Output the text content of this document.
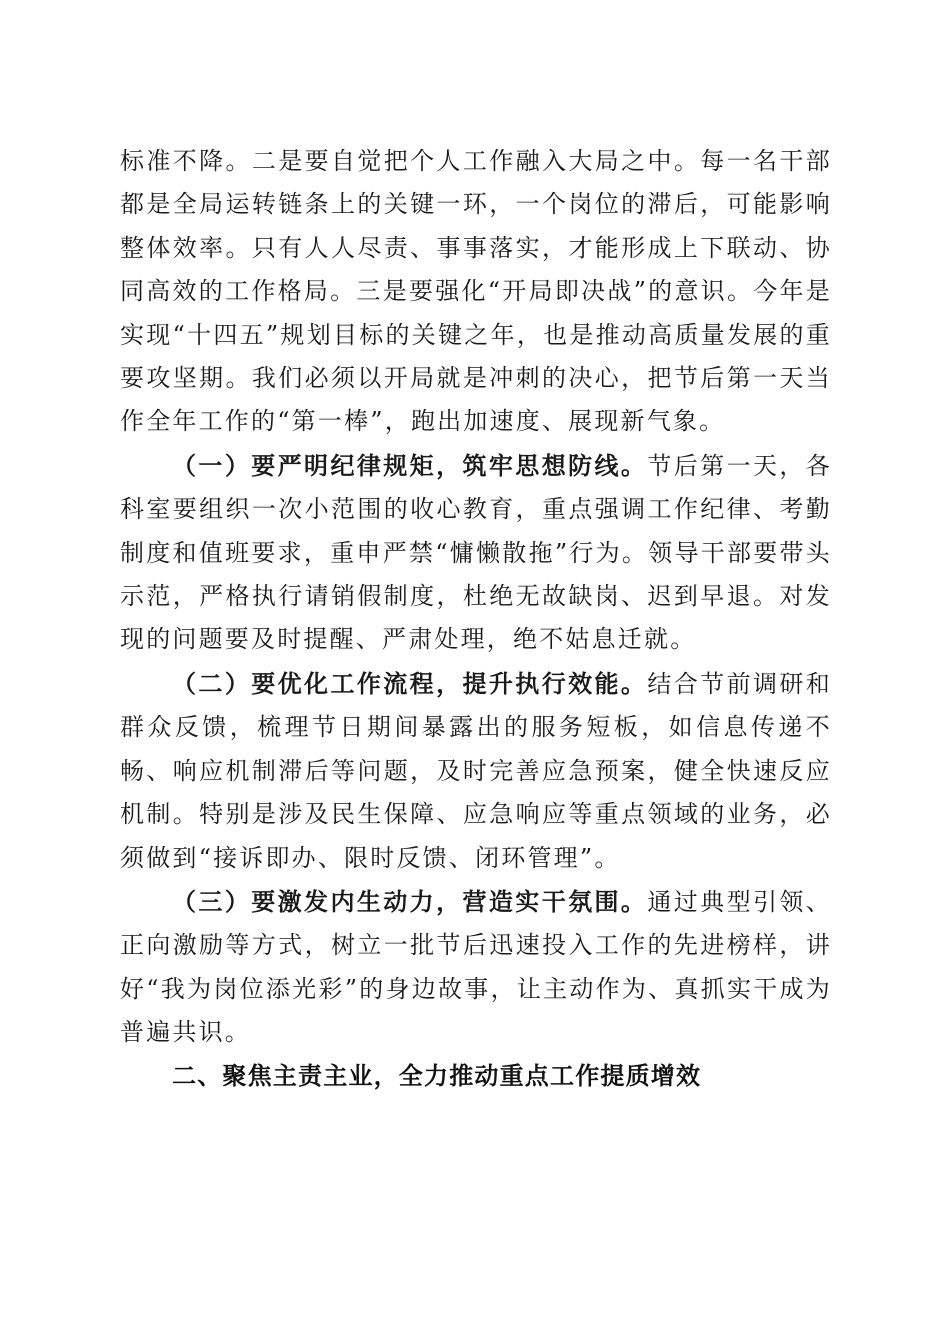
标准不降。二是要自觉把个人工作融入大局之中。每一名干部都是全局运转链条上的关键一环，一个岗位的滞后，可能影响整体效率。只有人人尽责、事事落实，才能形成上下联动、协同高效的工作格局。三是要强化“开局即决战”的意识。今年是实现“十四五”规划目标的关键之年，也是推动高质量发展的重要攻坚期。我们必须以开局就是冲刺的决心，把节后第一天当作全年工作的“第一棒”，跑出加速度、展现新气象。

（一）要严明纪律规矩，筑牢思想防线。节后第一天，各科室要组织一次小范围的收心教育，重点强调工作纪律、考勤制度和值班要求，重申严禁“慵懒散拖”行为。领导干部要带头示范，严格执行请销假制度，杜绝无故缺岗、迟到早退。对发现的问题要及时提醒、严肃处理，绝不姑息迁就。

（二）要优化工作流程，提升执行效能。结合节前调研和群众反馈，梳理节日期间暴露出的服务短板，如信息传递不畅、响应机制滞后等问题，及时完善应急预案，健全快速反应机制。特别是涉及民生保障、应急响应等重点领域的业务，必须做到“接诉即办、限时反馈、闭环管理”。

（三）要激发内生动力，营造实干氛围。通过典型引领、正向激励等方式，树立一批节后迅速投入工作的先进榜样，讲好“我为岗位添光彩”的身边故事，让主动作为、真抓实干成为普遍共识。

二、聚焦主责主业，全力推动重点工作提质增效
